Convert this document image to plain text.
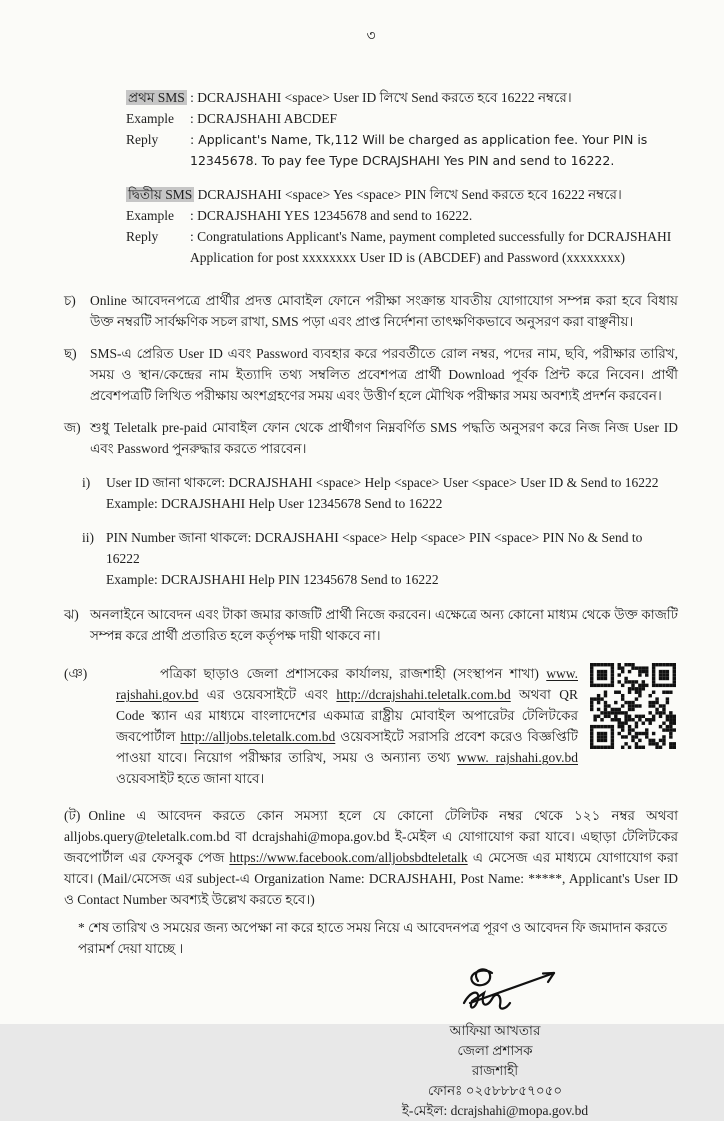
৩
প্রথম SMS : DCRAJSHAHI <space> User ID লিখে Send করতে হবে 16222 নম্বরে।
Example	: DCRAJSHAHI ABCDEF
Reply	: Applicant's Name, Tk,112 Will be charged as application fee. Your PIN is 12345678. To pay fee Type DCRAJSHAHI Yes PIN and send to 16222.
দ্বিতীয় SMS DCRAJSHAHI <space> Yes <space> PIN লিখে Send করতে হবে 16222 নম্বরে।
Example	: DCRAJSHAHI YES 12345678 and send to 16222.
Reply	: Congratulations Applicant's Name, payment completed successfully for DCRAJSHAHI Application for post xxxxxxxx User ID is (ABCDEF) and Password (xxxxxxxx)
চ)	Online আবেদনপত্রে প্রার্থীর প্রদত্ত মোবাইল ফোনে পরীক্ষা সংক্রান্ত যাবতীয় যোগাযোগ সম্পন্ন করা হবে বিধায় উক্ত নম্বরটি সার্বক্ষণিক সচল রাখা, SMS পড়া এবং প্রাপ্ত নির্দেশনা তাৎক্ষণিকভাবে অনুসরণ করা বাঞ্ছনীয়।
ছ) SMS-এ প্রেরিত User ID এবং Password ব্যবহার করে পরবর্তীতে রোল নম্বর, পদের নাম, ছবি, পরীক্ষার তারিখ, সময় ও স্থান/কেন্দ্রের নাম ইত্যাদি তথ্য সম্বলিত প্রবেশপত্র প্রার্থী Download পূর্বক প্রিন্ট করে নিবেন। প্রার্থী প্রবেশপত্রটি লিখিত পরীক্ষায় অংশগ্রহণের সময় এবং উত্তীর্ণ হলে মৌখিক পরীক্ষার সময় অবশ্যই প্রদর্শন করবেন।
জ) শুধু Teletalk pre-paid মোবাইল ফোন থেকে প্রার্থীগণ নিম্নবর্ণিত SMS পদ্ধতি অনুসরণ করে নিজ নিজ User ID এবং Password পুনরুদ্ধার করতে পারবেন।
i)	User ID জানা থাকলে: DCRAJSHAHI <space> Help <space> User <space> User ID & Send to 16222
Example: DCRAJSHAHI Help User 12345678 Send to 16222
ii) PIN Number জানা থাকলে: DCRAJSHAHI <space> Help <space> PIN <space> PIN No & Send to 16222
Example: DCRAJSHAHI Help PIN 12345678 Send to 16222
ঝ) অনলাইনে আবেদন এবং টাকা জমার কাজটি প্রার্থী নিজে করবেন। এক্ষেত্রে অন্য কোনো মাধ্যম থেকে উক্ত কাজটি সম্পন্ন করে প্রার্থী প্রতারিত হলে কর্তৃপক্ষ দায়ী থাকবে না।
(ঞ)	পত্রিকা ছাড়াও জেলা প্রশাসকের কার্যালয়, রাজশাহী (সংস্থাপন শাখা) www. rajshahi.gov.bd এর ওয়েবসাইটে এবং http://dcrajshahi.teletalk.com.bd অথবা QR Code স্ক্যান এর মাধ্যমে বাংলাদেশের একমাত্র রাষ্ট্রীয় মোবাইল অপারেটর টেলিটকের জবপোর্টাল http://alljobs.teletalk.com.bd ওয়েবসাইটে সরাসরি প্রবেশ করেও বিজ্ঞপ্তিটি পাওয়া যাবে। নিয়োগ পরীক্ষার তারিখ, সময় ও অন্যান্য তথ্য www. rajshahi.gov.bd ওয়েবসাইট হতে জানা যাবে।
(ট) Online এ আবেদন করতে কোন সমস্যা হলে যে কোনো টেলিটক নম্বর থেকে ১২১ নম্বর অথবা alljobs.query@teletalk.com.bd বা dcrajshahi@mopa.gov.bd ই-মেইল এ যোগাযোগ করা যাবে। এছাড়া টেলিটকের জবপোর্টাল এর ফেসবুক পেজ https://www.facebook.com/alljobsbdteletalk এ মেসেজ এর মাধ্যমে যোগাযোগ করা যাবে। (Mail/মেসেজ এর subject-এ Organization Name: DCRAJSHAHI, Post Name: *****, Applicant's User ID ও Contact Number অবশ্যই উল্লেখ করতে হবে।)
* শেষ তারিখ ও সময়ের জন্য অপেক্ষা না করে হাতে সময় নিয়ে এ আবেদনপত্র পূরণ ও আবেদন ফি জমাদান করতে পরামর্শ দেয়া যাচ্ছে ।
আফিয়া আখতার
জেলা প্রশাসক
রাজশাহী
ফোনঃ ০২৫৮৮৮৫৭০৫০
ই-মেইল: dcrajshahi@mopa.gov.bd
